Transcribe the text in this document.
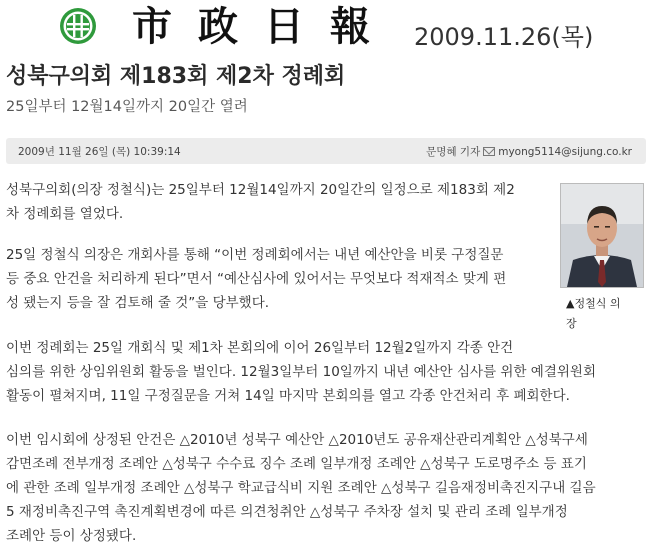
市政日報 2009.11.26(목)
성북구의회 제183회 제2차 정례회
25일부터 12월14일까지 20일간 열려
2009년 11월 26일 (목) 10:39:14	문명혜 기자 myong5114@sijung.co.kr

성북구의회(의장 정철식)는 25일부터 12월14일까지 20일간의 일정으로 제183회 제2
차 정례회를 열었다.

25일 정철식 의장은 개회사를 통해 “이번 정례회에서는 내년 예산안을 비롯 구정질문
등 중요 안건을 처리하게 된다”면서 “예산심사에 있어서는 무엇보다 적재적소 맞게 편
성 됐는지 등을 잘 검토해 줄 것”을 당부했다.

이번 정례회는 25일 개회식 및 제1차 본회의에 이어 26일부터 12월2일까지 각종 안건
심의를 위한 상임위원회 활동을 벌인다. 12월3일부터 10일까지 내년 예산안 심사를 위한 예결위원회
활동이 펼쳐지며, 11일 구정질문을 거쳐 14일 마지막 본회의를 열고 각종 안건처리 후 폐회한다.

이번 임시회에 상정된 안건은 △2010년 성북구 예산안 △2010년도 공유재산관리계획안 △성북구세
감면조례 전부개정 조례안 △성북구 수수료 징수 조례 일부개정 조례안 △성북구 도로명주소 등 표기
에 관한 조례 일부개정 조례안 △성북구 학교급식비 지원 조례안 △성북구 길음재정비촉진지구내 길음
5 재정비촉진구역 촉진계획변경에 따른 의견청취안 △성북구 주차장 설치 및 관리 조례 일부개정
조례안 등이 상정됐다.

▲정철식 의
장
